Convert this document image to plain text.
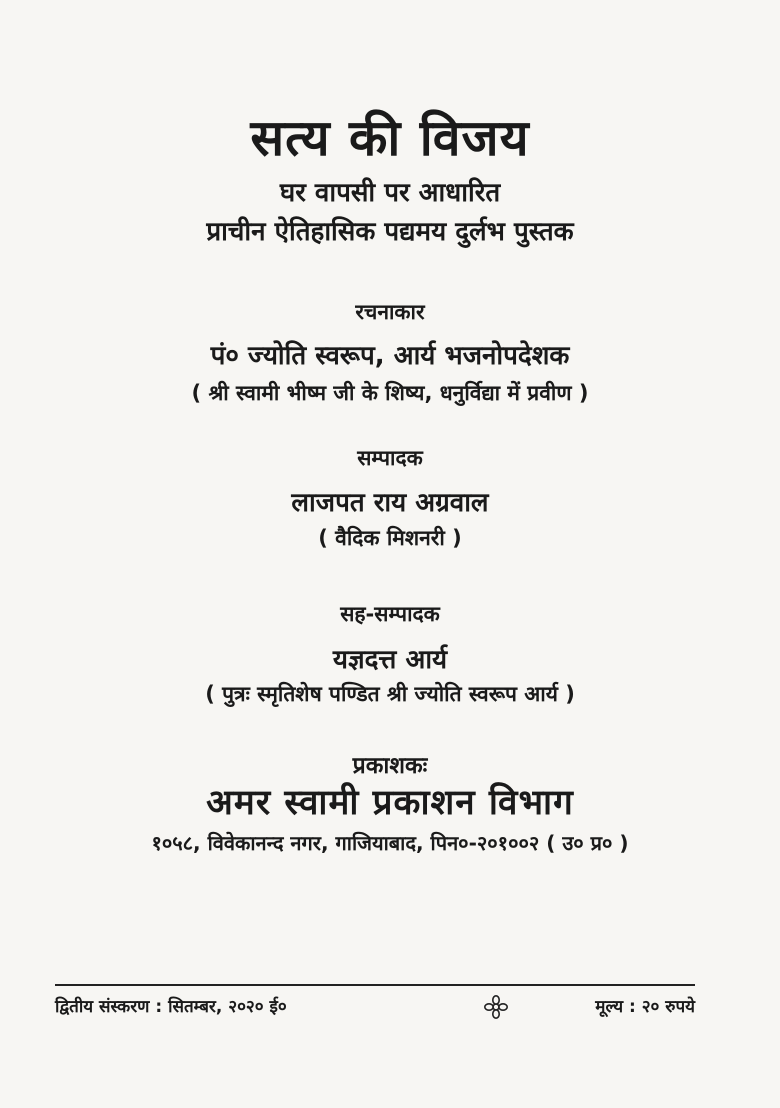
सत्य की विजय
घर वापसी पर आधारित
प्राचीन ऐतिहासिक पद्यमय दुर्लभ पुस्तक
रचनाकार
पं० ज्योति स्वरूप, आर्य भजनोपदेशक
( श्री स्वामी भीष्म जी के शिष्य, धनुर्विद्या में प्रवीण )
सम्पादक
लाजपत राय अग्रवाल
( वैदिक मिशनरी )
सह-सम्पादक
यज्ञदत्त आर्य
( पुत्रः स्मृतिशेष पण्डित श्री ज्योति स्वरूप आर्य )
प्रकाशकः
अमर स्वामी प्रकाशन विभाग
१०५८, विवेकानन्द नगर, गाजियाबाद, पिन०-२०१००२ ( उ० प्र० )
द्वितीय संस्करण : सितम्बर, २०२० ई०	मूल्य : २० रुपये
